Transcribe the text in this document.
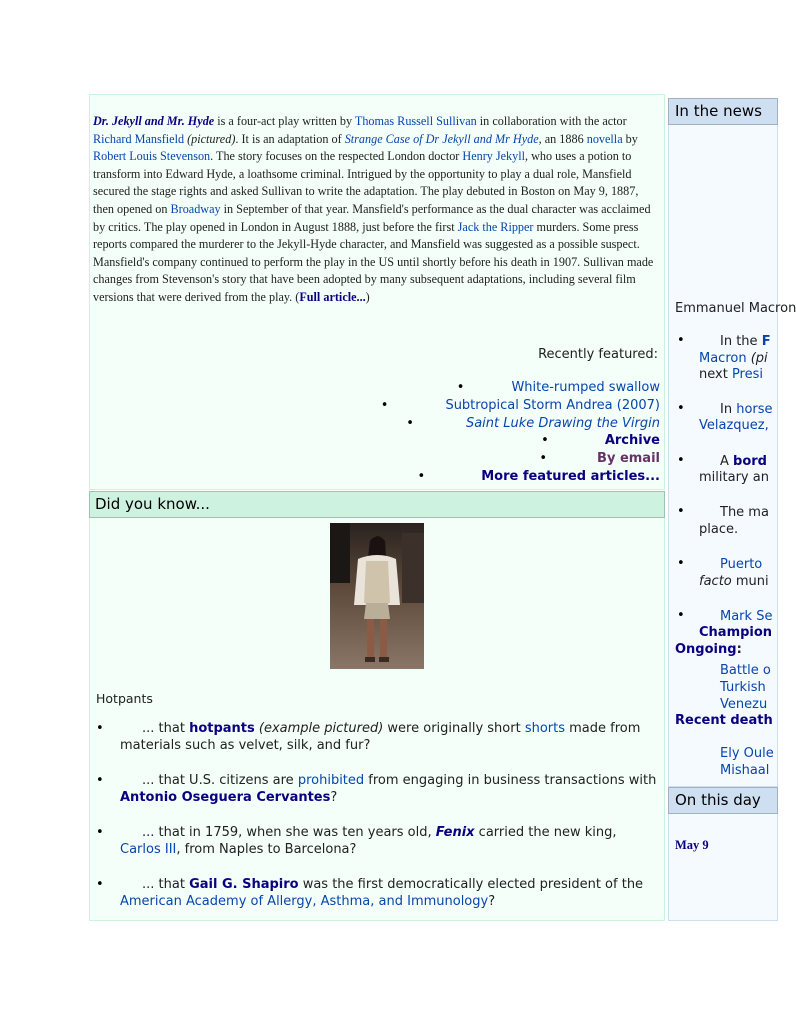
Dr. Jekyll and Mr. Hyde is a four-act play written by Thomas Russell Sullivan in collaboration with the actor Richard Mansfield (pictured). It is an adaptation of Strange Case of Dr Jekyll and Mr Hyde, an 1886 novella by Robert Louis Stevenson. The story focuses on the respected London doctor Henry Jekyll, who uses a potion to transform into Edward Hyde, a loathsome criminal. Intrigued by the opportunity to play a dual role, Mansfield secured the stage rights and asked Sullivan to write the adaptation. The play debuted in Boston on May 9, 1887, then opened on Broadway in September of that year. Mansfield's performance as the dual character was acclaimed by critics. The play opened in London in August 1888, just before the first Jack the Ripper murders. Some press reports compared the murderer to the Jekyll-Hyde character, and Mansfield was suggested as a possible suspect. Mansfield's company continued to perform the play in the US until shortly before his death in 1907. Sullivan made changes from Stevenson's story that have been adopted by many subsequent adaptations, including several film versions that were derived from the play. (Full article...)
Recently featured:
•	White-rumped swallow
•	Subtropical Storm Andrea (2007)
•	Saint Luke Drawing the Virgin
•	Archive
•	By email
•	More featured articles...
Did you know...
Hotpants
• ... that hotpants (example pictured) were originally short shorts made from materials such as velvet, silk, and fur?
• ... that U.S. citizens are prohibited from engaging in business transactions with Antonio Oseguera Cervantes?
• ... that in 1759, when she was ten years old, Fenix carried the new king, Carlos III, from Naples to Barcelona?
• ... that Gail G. Shapiro was the first democratically elected president of the American Academy of Allergy, Asthma, and Immunology?
In the news
Emmanuel Macron
•	In the F
Macron (pi
next Presi
•	In horse
Velazquez,
•	A bord
military an
•	The ma
place.
•	Puerto
facto muni
•	Mark Se
Champion
Ongoing:
Battle o
Turkish
Venezu
Recent death
Ely Oule
Mishaal
On this day
May 9
